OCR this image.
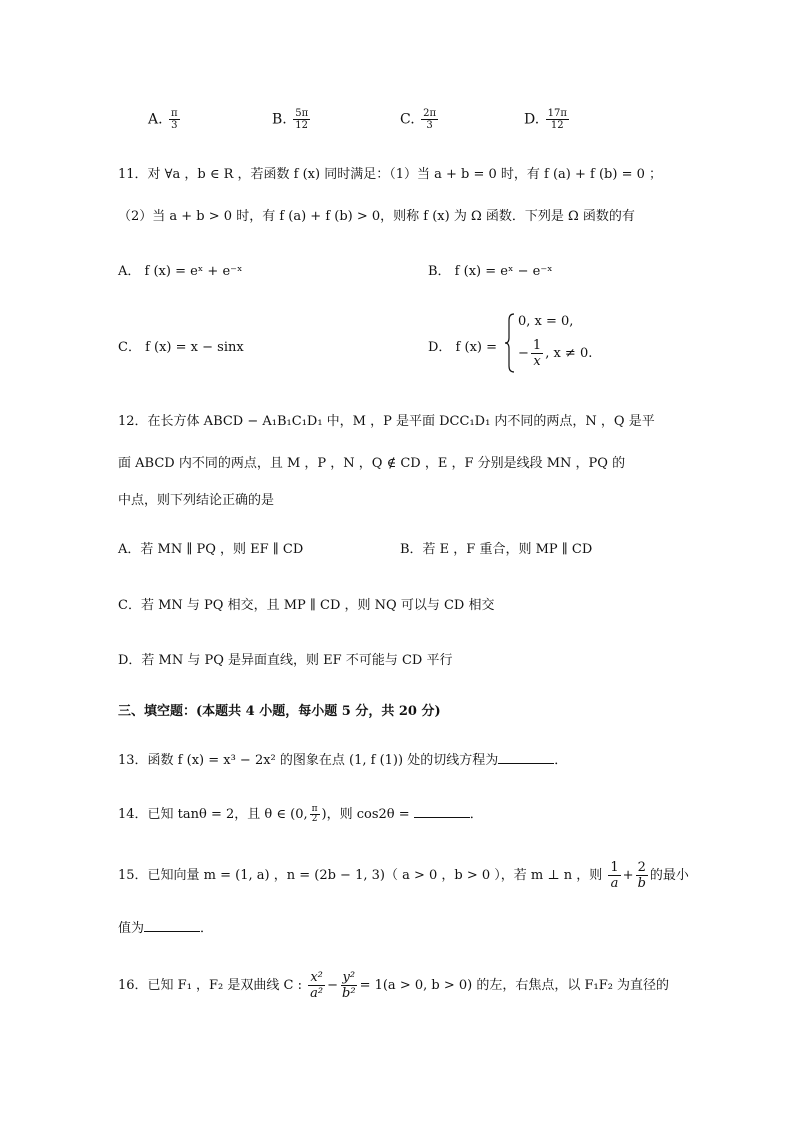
A. $\frac{\pi}{3}$	B. $\frac{5\pi}{12}$	C. $\frac{2\pi}{3}$	D. $\frac{17\pi}{12}$
11．对 ∀a ，b ∈ R ，若函数 f (x) 同时满足：（1）当 a + b = 0 时，有 f (a) + f (b) = 0 ；
（2）当 a + b > 0 时，有 f (a) + f (b) > 0，则称 f (x) 为 Ω 函数．下列是 Ω 函数的有
A． f (x) = eˣ + e⁻ˣ	B． f (x) = eˣ − e⁻ˣ
C． f (x) = x − sinx	D． f (x) =
0, x = 0,
− $\frac{1}{x}$ , x ≠ 0.
12．在长方体 ABCD − A₁B₁C₁D₁ 中，M ，P 是平面 DCC₁D₁ 内不同的两点，N ，Q 是平
面 ABCD 内不同的两点，且 M ，P ，N ，Q ∉ CD ，E ，F 分别是线段 MN ，PQ 的
中点，则下列结论正确的是
A．若 MN ∥ PQ ，则 EF ∥ CD	B．若 E ，F 重合，则 MP ∥ CD
C．若 MN 与 PQ 相交，且 MP ∥ CD ，则 NQ 可以与 CD 相交
D．若 MN 与 PQ 是异面直线，则 EF 不可能与 CD 平行
三、填空题：(本题共 4 小题，每小题 5 分，共 20 分)
13．函数 f (x) = x³ − 2x² 的图象在点 (1, f (1)) 处的切线方程为	．
14．已知 tanθ = 2，且 θ ∈ (0, $\frac{\pi}{2}$ )，则 cos2θ =	．
15．已知向量 m = (1, a) ，n = (2b − 1, 3)（ a > 0 ，b > 0 ），若 m ⊥ n ，则 $\frac{1}{a} + \frac{2}{b}$ 的最小
值为	．
16．已知 F₁ ，F₂ 是双曲线 C : $\frac{\text{x²}}{\text{a²}} - \frac{\text{y²}}{\text{b²}} = 1(a > 0$, b > 0) 的左，右焦点，以 F₁F₂ 为直径的
